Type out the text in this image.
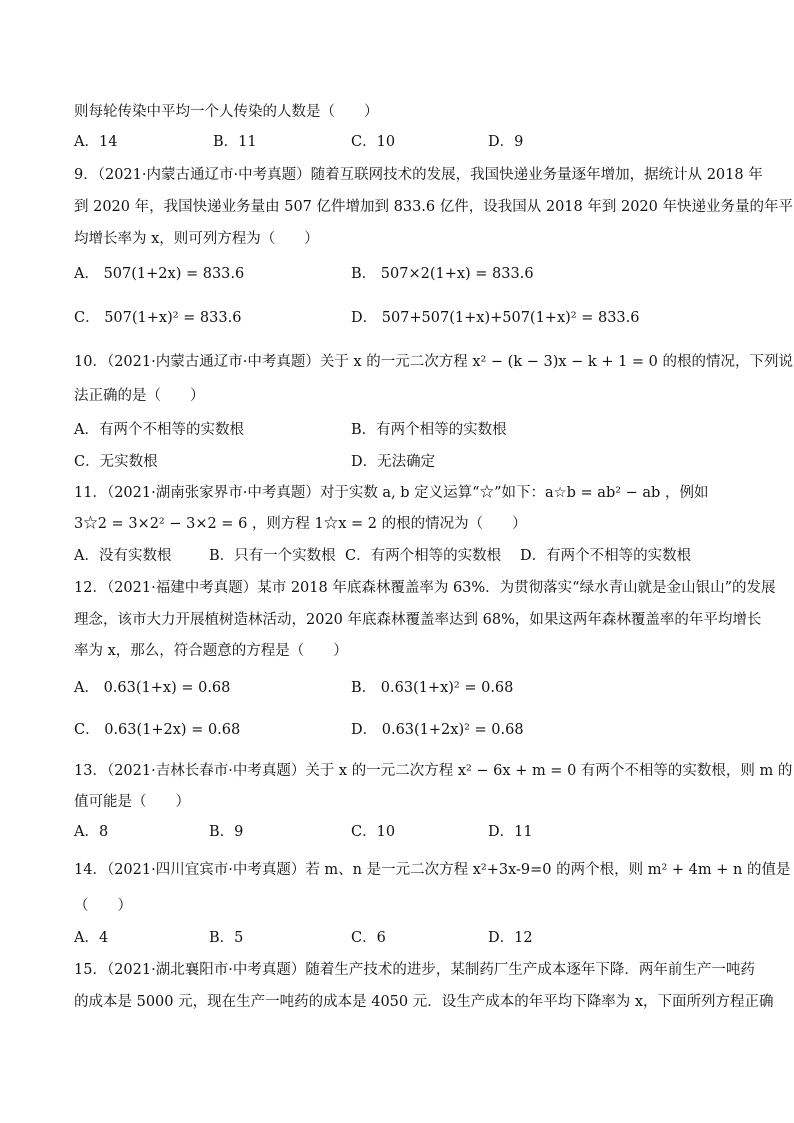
则每轮传染中平均一个人传染的人数是（　　）
A．14	B．11	C．10	D．9
9．（2021·内蒙古通辽市·中考真题）随着互联网技术的发展，我国快递业务量逐年增加，据统计从 2018 年
到 2020 年，我国快递业务量由 507 亿件增加到 833.6 亿件，设我国从 2018 年到 2020 年快递业务量的年平
均增长率为 x，则可列方程为（　　）
A． 507(1+2x) = 833.6	B． 507×2(1+x) = 833.6
C． 507(1+x)² = 833.6	D． 507+507(1+x)+507(1+x)² = 833.6
10．（2021·内蒙古通辽市·中考真题）关于 x 的一元二次方程 x² − (k − 3)x − k + 1 = 0 的根的情况，下列说
法正确的是（　　）
A．有两个不相等的实数根	B．有两个相等的实数根
C．无实数根	D．无法确定
11．（2021·湖南张家界市·中考真题）对于实数 a, b 定义运算“☆”如下：a☆b = ab² − ab ，例如
3☆2 = 3×2² − 3×2 = 6 ，则方程 1☆x = 2 的根的情况为（　　）
A．没有实数根	B．只有一个实数根 C．有两个相等的实数根 D．有两个不相等的实数根
12．（2021·福建中考真题）某市 2018 年底森林覆盖率为 63%．为贯彻落实“绿水青山就是金山银山”的发展
理念，该市大力开展植树造林活动，2020 年底森林覆盖率达到 68%，如果这两年森林覆盖率的年平均增长
率为 x，那么，符合题意的方程是（　　）
A． 0.63(1+x) = 0.68	B． 0.63(1+x)² = 0.68
C． 0.63(1+2x) = 0.68	D． 0.63(1+2x)² = 0.68
13．（2021·吉林长春市·中考真题）关于 x 的一元二次方程 x² − 6x + m = 0 有两个不相等的实数根，则 m 的
值可能是（　　）
A．8	B．9	C．10	D．11
14．（2021·四川宜宾市·中考真题）若 m、n 是一元二次方程 x²+3x-9=0 的两个根，则 m² + 4m + n 的值是
（　　）
A．4	B．5	C．6	D．12
15．（2021·湖北襄阳市·中考真题）随着生产技术的进步，某制药厂生产成本逐年下降．两年前生产一吨药
的成本是 5000 元，现在生产一吨药的成本是 4050 元．设生产成本的年平均下降率为 x，下面所列方程正确
